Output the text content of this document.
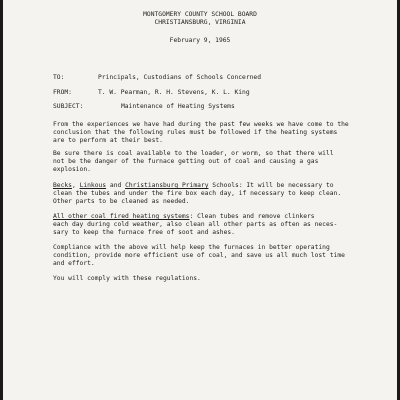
MONTGOMERY COUNTY SCHOOL BOARD
CHRISTIANSBURG, VIRGINIA
February 9, 1965
TO:	Principals, Custodians of Schools Concerned
FROM:	T. W. Pearman, R. H. Stevens, K. L. King
SUBJECT:	Maintenance of Heating Systems
From the experiences we have had during the past few weeks we have come to the
conclusion that the following rules must be followed if the heating systems
are to perform at their best.
Be sure there is coal available to the loader, or worm, so that there will
not be the danger of the furnace getting out of coal and causing a gas
explosion.
Becks, Linkous and Christiansburg Primary Schools: It will be necessary to
clean the tubes and under the fire box each day, if necessary to keep clean.
Other parts to be cleaned as needed.
All other coal fired heating systems: Clean tubes and remove clinkers
each day during cold weather, also clean all other parts as often as neces-
sary to keep the furnace free of soot and ashes.
Compliance with the above will help keep the furnaces in better operating
condition, provide more efficient use of coal, and save us all much lost time
and effort.
You will comply with these regulations.
